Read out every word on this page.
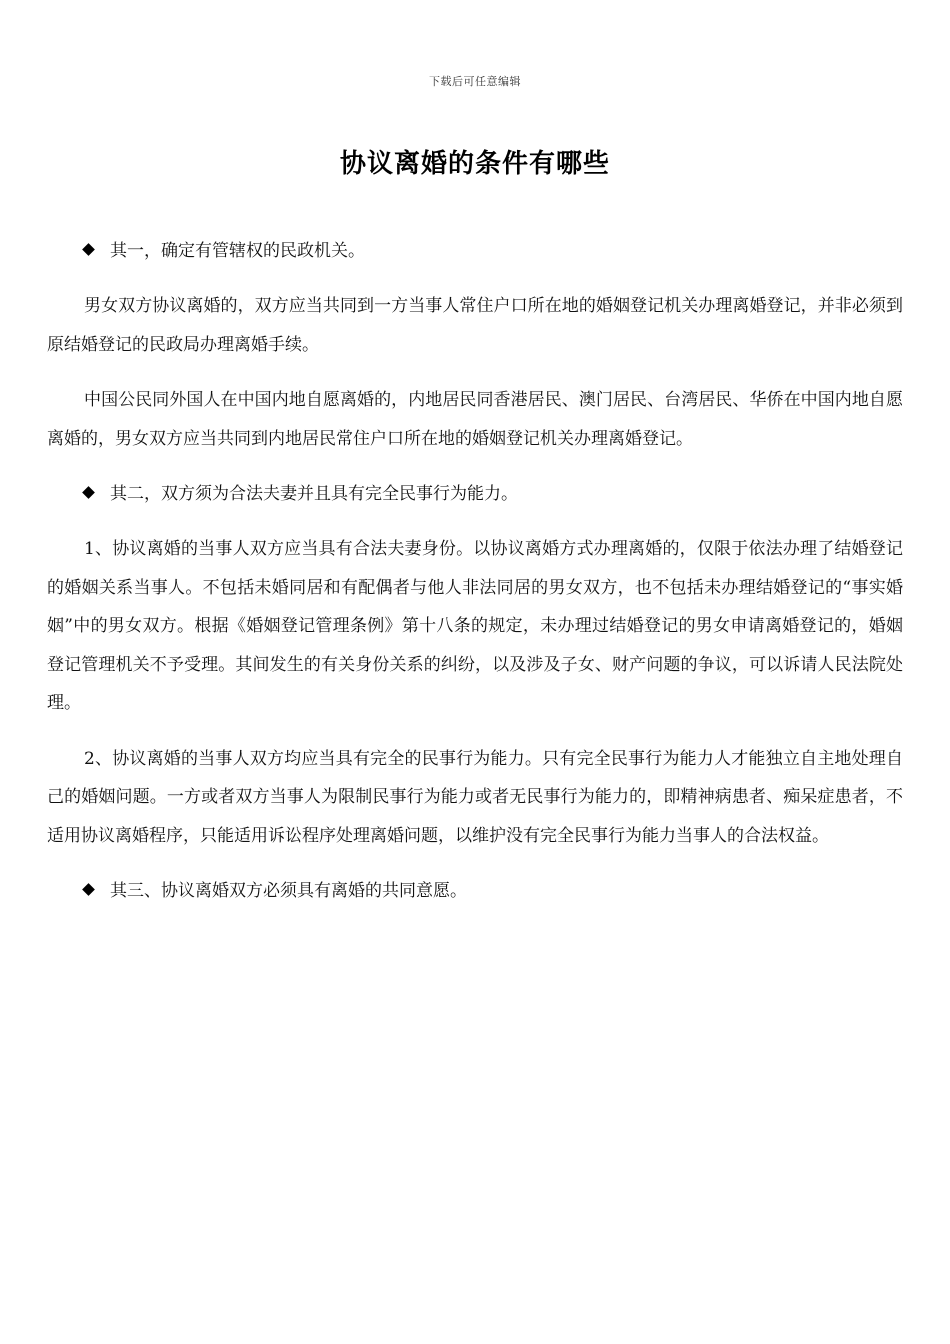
下载后可任意编辑
协议离婚的条件有哪些
其一，确定有管辖权的民政机关。

男女双方协议离婚的，双方应当共同到一方当事人常住户口所在地的婚姻登记机关办理离婚登记，并非必须到原结婚登记的民政局办理离婚手续。

中国公民同外国人在中国内地自愿离婚的，内地居民同香港居民、澳门居民、台湾居民、华侨在中国内地自愿离婚的，男女双方应当共同到内地居民常住户口所在地的婚姻登记机关办理离婚登记。

其二，双方须为合法夫妻并且具有完全民事行为能力。

1、协议离婚的当事人双方应当具有合法夫妻身份。以协议离婚方式办理离婚的，仅限于依法办理了结婚登记的婚姻关系当事人。不包括未婚同居和有配偶者与他人非法同居的男女双方，也不包括未办理结婚登记的“事实婚姻”中的男女双方。根据《婚姻登记管理条例》第十八条的规定，未办理过结婚登记的男女申请离婚登记的，婚姻登记管理机关不予受理。其间发生的有关身份关系的纠纷，以及涉及子女、财产问题的争议，可以诉请人民法院处理。

2、协议离婚的当事人双方均应当具有完全的民事行为能力。只有完全民事行为能力人才能独立自主地处理自己的婚姻问题。一方或者双方当事人为限制民事行为能力或者无民事行为能力的，即精神病患者、痴呆症患者，不适用协议离婚程序，只能适用诉讼程序处理离婚问题，以维护没有完全民事行为能力当事人的合法权益。

其三、协议离婚双方必须具有离婚的共同意愿。
